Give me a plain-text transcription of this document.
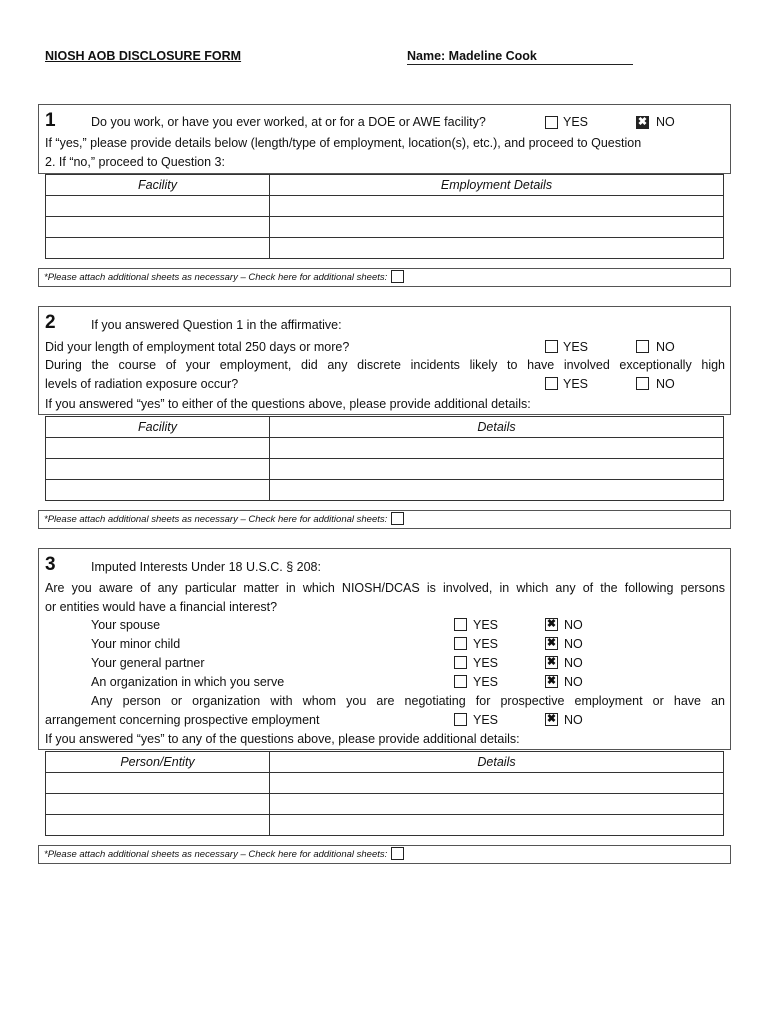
NIOSH AOB DISCLOSURE FORM	Name: Madeline Cook
1	Do you work, or have you ever worked, at or for a DOE or AWE facility?	YES	✖ NO
If “yes,” please provide details below (length/type of employment, location(s), etc.), and proceed to Question
2. If “no,” proceed to Question 3:
Facility	Employment Details

*Please attach additional sheets as necessary – Check here for additional sheets:
2	If you answered Question 1 in the affirmative:
Did your length of employment total 250 days or more?	YES	NO
During the course of your employment, did any discrete incidents likely to have involved exceptionally high
levels of radiation exposure occur?	YES	NO
If you answered “yes” to either of the questions above, please provide additional details:
Facility	Details

*Please attach additional sheets as necessary – Check here for additional sheets:
3	Imputed Interests Under 18 U.S.C. § 208:
Are you aware of any particular matter in which NIOSH/DCAS is involved, in which any of the following persons
or entities would have a financial interest?
Your spouse	YES	✖ NO
Your minor child	YES	✖ NO
Your general partner	YES	✖ NO
An organization in which you serve	YES	✖ NO
Any person or organization with whom you are negotiating for prospective employment or have an
arrangement concerning prospective employment	YES	✖ NO
If you answered “yes” to any of the questions above, please provide additional details:
Person/Entity	Details

*Please attach additional sheets as necessary – Check here for additional sheets:
